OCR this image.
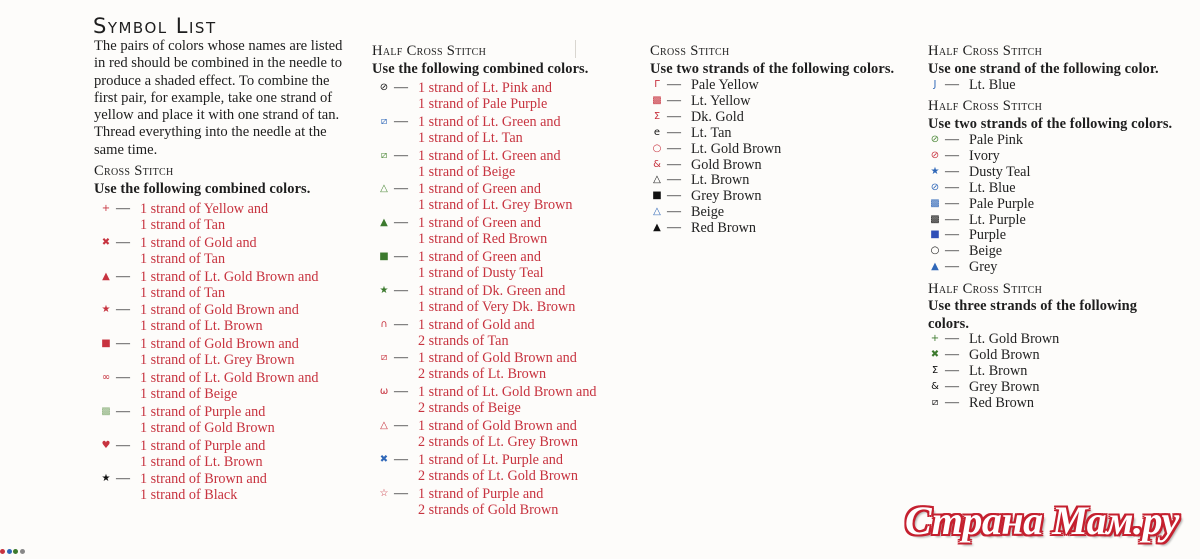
Symbol List
The pairs of colors whose names are listed in red should be combined in the needle to produce a shaded effect. To combine the first pair, for example, take one strand of yellow and place it with one strand of tan. Thread everything into the needle at the same time.
Cross Stitch
Use the following combined colors.
+ — 1 strand of Yellow and
1 strand of Tan
✖ — 1 strand of Gold and
1 strand of Tan
▲ — 1 strand of Lt. Gold Brown and
1 strand of Tan
★ — 1 strand of Gold Brown and
1 strand of Lt. Brown
■ — 1 strand of Gold Brown and
1 strand of Lt. Grey Brown
∞ — 1 strand of Lt. Gold Brown and
1 strand of Beige
▩ — 1 strand of Purple and
1 strand of Gold Brown
♥ — 1 strand of Purple and
1 strand of Lt. Brown
★ — 1 strand of Brown and
1 strand of Black
Half Cross Stitch
Use the following combined colors.
⊘ — 1 strand of Lt. Pink and
1 strand of Pale Purple
⧄ — 1 strand of Lt. Green and
1 strand of Lt. Tan
⧄ — 1 strand of Lt. Green and
1 strand of Beige
△ — 1 strand of Green and
1 strand of Lt. Grey Brown
▲ — 1 strand of Green and
1 strand of Red Brown
■ — 1 strand of Green and
1 strand of Dusty Teal
★ — 1 strand of Dk. Green and
1 strand of Very Dk. Brown
∩ — 1 strand of Gold and
2 strands of Tan
⧄ — 1 strand of Gold Brown and
2 strands of Lt. Brown
ω — 1 strand of Lt. Gold Brown and
2 strands of Beige
△ — 1 strand of Gold Brown and
2 strands of Lt. Grey Brown
✖ — 1 strand of Lt. Purple and
2 strands of Lt. Gold Brown
☆ — 1 strand of Purple and
2 strands of Gold Brown
Cross Stitch
Use two strands of the following colors.
Γ — Pale Yellow
▩ — Lt. Yellow
Σ — Dk. Gold
e — Lt. Tan
○ — Lt. Gold Brown
& — Gold Brown
△ — Lt. Brown
■ — Grey Brown
△ — Beige
▲ — Red Brown
Half Cross Stitch
Use one strand of the following color.
Half Cross Stitch
Use two strands of the following colors.
Half Cross Stitch
Use three strands of the following
colors.
J — Lt. Blue
⊘ — Pale Pink
⊘ — Ivory
★ — Dusty Teal
⊘ — Lt. Blue
▩ — Pale Purple
▩ — Lt. Purple
■ — Purple
○ — Beige
▲ — Grey
+ — Lt. Gold Brown
✖ — Gold Brown
Σ — Lt. Brown
& — Grey Brown
⧄ — Red Brown
Страна Мам.ру
